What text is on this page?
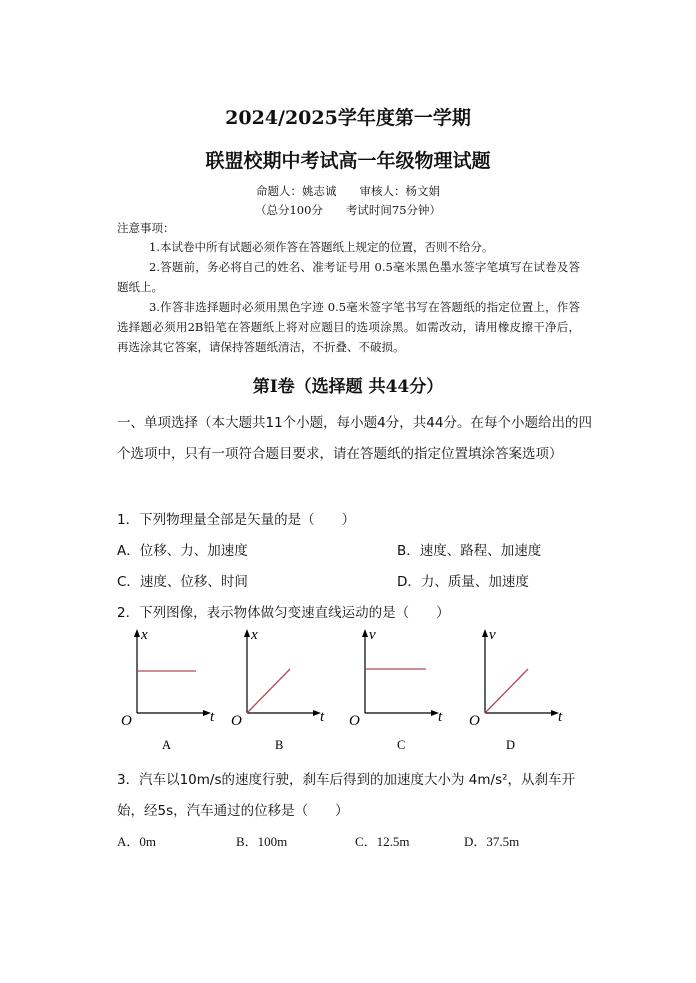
2024/2025学年度第一学期
联盟校期中考试高一年级物理试题
命题人：姚志诚　　审核人：杨文娟
（总分100分　　考试时间75分钟）
注意事项：
1.本试卷中所有试题必须作答在答题纸上规定的位置，否则不给分。
2.答题前，务必将自己的姓名、准考证号用 0.5毫米黑色墨水签字笔填写在试卷及答题纸上。
3.作答非选择题时必须用黑色字迹 0.5毫米签字笔书写在答题纸的指定位置上，作答选择题必须用2B铅笔在答题纸上将对应题目的选项涂黑。如需改动，请用橡皮擦干净后，再选涂其它答案，请保持答题纸清洁，不折叠、不破损。
第Ⅰ卷（选择题 共44分）
一、单项选择（本大题共11个小题，每小题4分，共44分。在每个小题给出的四个选项中，只有一项符合题目要求，请在答题纸的指定位置填涂答案选项）
1．下列物理量全部是矢量的是（　　）
A．位移、力、加速度	B．速度、路程、加速度
C．速度、位移、时间	D．力、质量、加速度
2．下列图像，表示物体做匀变速直线运动的是（　　）
x
t
O
A
x
t
O
B
v
t
O
C
v
t
O
D
3．汽车以10m/s的速度行驶，刹车后得到的加速度大小为 4m/s²，从刹车开
始，经5s，汽车通过的位移是（　　）
A．0m	B．100m	C．12.5m	D．37.5m
